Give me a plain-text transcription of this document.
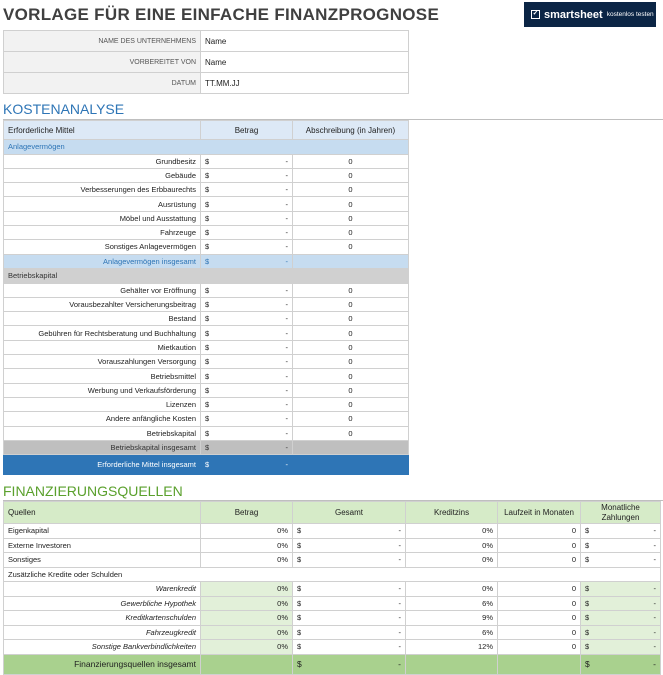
VORLAGE FÜR EINE EINFACHE FINANZPROGNOSE	✓ smartsheet kostenlos testen
NAME DES UNTERNEHMENS	Name
VORBEREITET VON	Name
DATUM	TT.MM.JJ
KOSTENANALYSE
Erforderliche Mittel	Betrag	Abschreibung (in Jahren)
Anlagevermögen		
Grundbesitz	$ -	0
Gebäude	$ -	0
Verbesserungen des Erbbaurechts	$ -	0
Ausrüstung	$ -	0
Möbel und Ausstattung	$ -	0
Fahrzeuge	$ -	0
Sonstiges Anlagevermögen	$ -	0
Anlagevermögen insgesamt	$ -	

Betriebskapital		
Gehälter vor Eröffnung	$ -	0
Vorausbezahlter Versicherungsbeitrag	$ -	0
Bestand	$ -	0
Gebühren für Rechtsberatung und Buchhaltung	$ -	0
Mietkaution	$ -	0
Vorauszahlungen Versorgung	$ -	0
Betriebsmittel	$ -	0
Werbung und Verkaufsförderung	$ -	0
Lizenzen	$ -	0
Andere anfängliche Kosten	$ -	0
Betriebskapital	$ -	0
Betriebskapital insgesamt	$ -	

Erforderliche Mittel insgesamt	$ -	

FINANZIERUNGSQUELLEN
Quellen	Betrag	Gesamt	Kreditzins	Laufzeit in Monaten	Monatliche Zahlungen
Eigenkapital	0%	$ -	0%	0	$ -

Externe Investoren	0%	$ -	0%	0	$ -

Sonstiges	0%	$ -	0%	0	$ -

Zusätzliche Kredite oder Schulden					
Warenkredit	0%	$ -	0%	0	$ -

Gewerbliche Hypothek	0%	$ -	6%	0	$ -

Kreditkartenschulden	0%	$ -	9%	0	$ -

Fahrzeugkredit	0%	$ -	6%	0	$ -

Sonstige Bankverbindlichkeiten	0%	$ -	12%	0	$ -

Finanzierungsquellen insgesamt		$ -			$ -
